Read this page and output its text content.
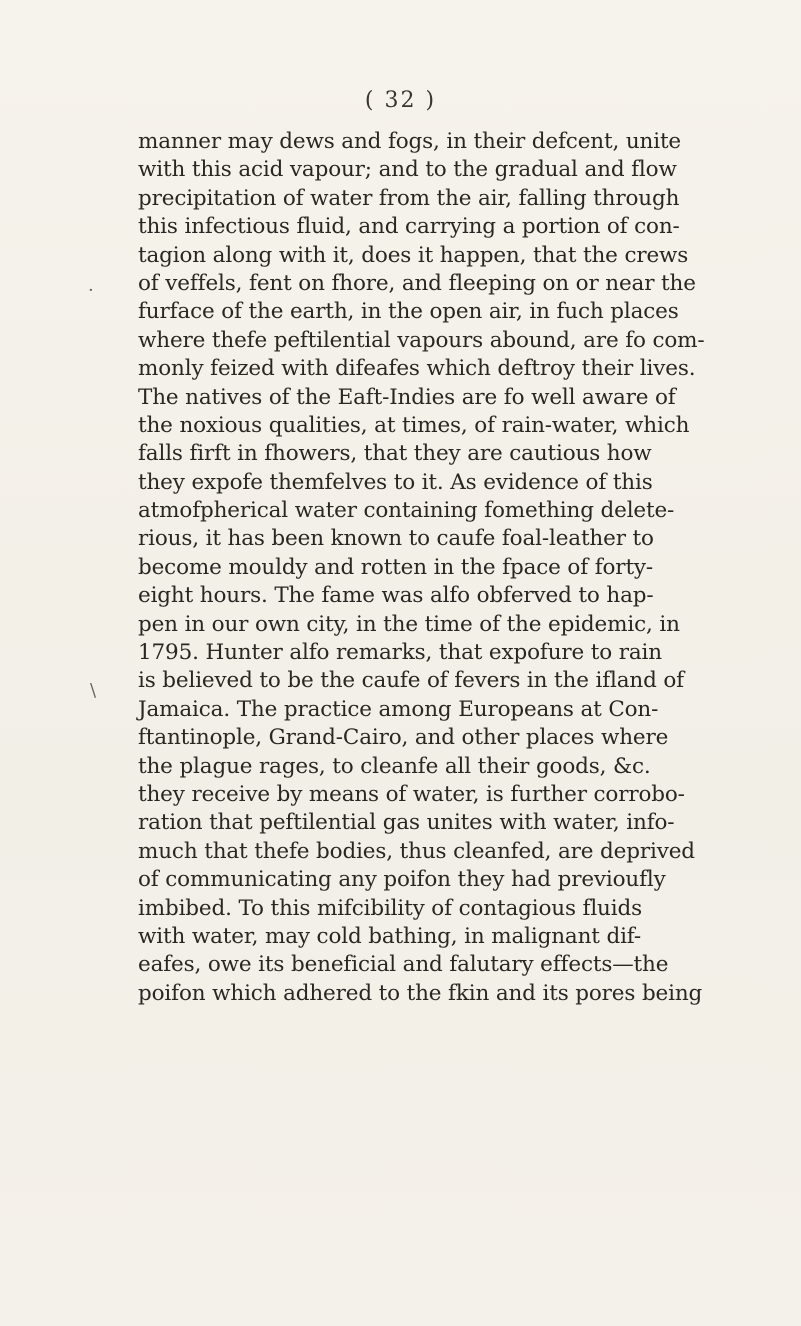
( 32 )
·
\
manner may dews and fogs, in their defcent, unite
with this acid vapour; and to the gradual and flow
precipitation of water from the air, falling through
this infectious fluid, and carrying a portion of con-
tagion along with it, does it happen, that the crews
of veffels, fent on fhore, and fleeping on or near the
furface of the earth, in the open air, in fuch places
where thefe peftilential vapours abound, are fo com-
monly feized with difeafes which deftroy their lives.
The natives of the Eaft-Indies are fo well aware of
the noxious qualities, at times, of rain-water, which
falls firft in fhowers, that they are cautious how
they expofe themfelves to it. As evidence of this
atmofpherical water containing fomething delete-
rious, it has been known to caufe foal-leather to
become mouldy and rotten in the fpace of forty-
eight hours. The fame was alfo obferved to hap-
pen in our own city, in the time of the epidemic, in
1795. Hunter alfo remarks, that expofure to rain
is believed to be the caufe of fevers in the ifland of
Jamaica. The practice among Europeans at Con-
ftantinople, Grand-Cairo, and other places where
the plague rages, to cleanfe all their goods, &c.
they receive by means of water, is further corrobo-
ration that peftilential gas unites with water, info-
much that thefe bodies, thus cleanfed, are deprived
of communicating any poifon they had previoufly
imbibed. To this mifcibility of contagious fluids
with water, may cold bathing, in malignant dif-
eafes, owe its beneficial and falutary effects—the
poifon which adhered to the fkin and its pores being
